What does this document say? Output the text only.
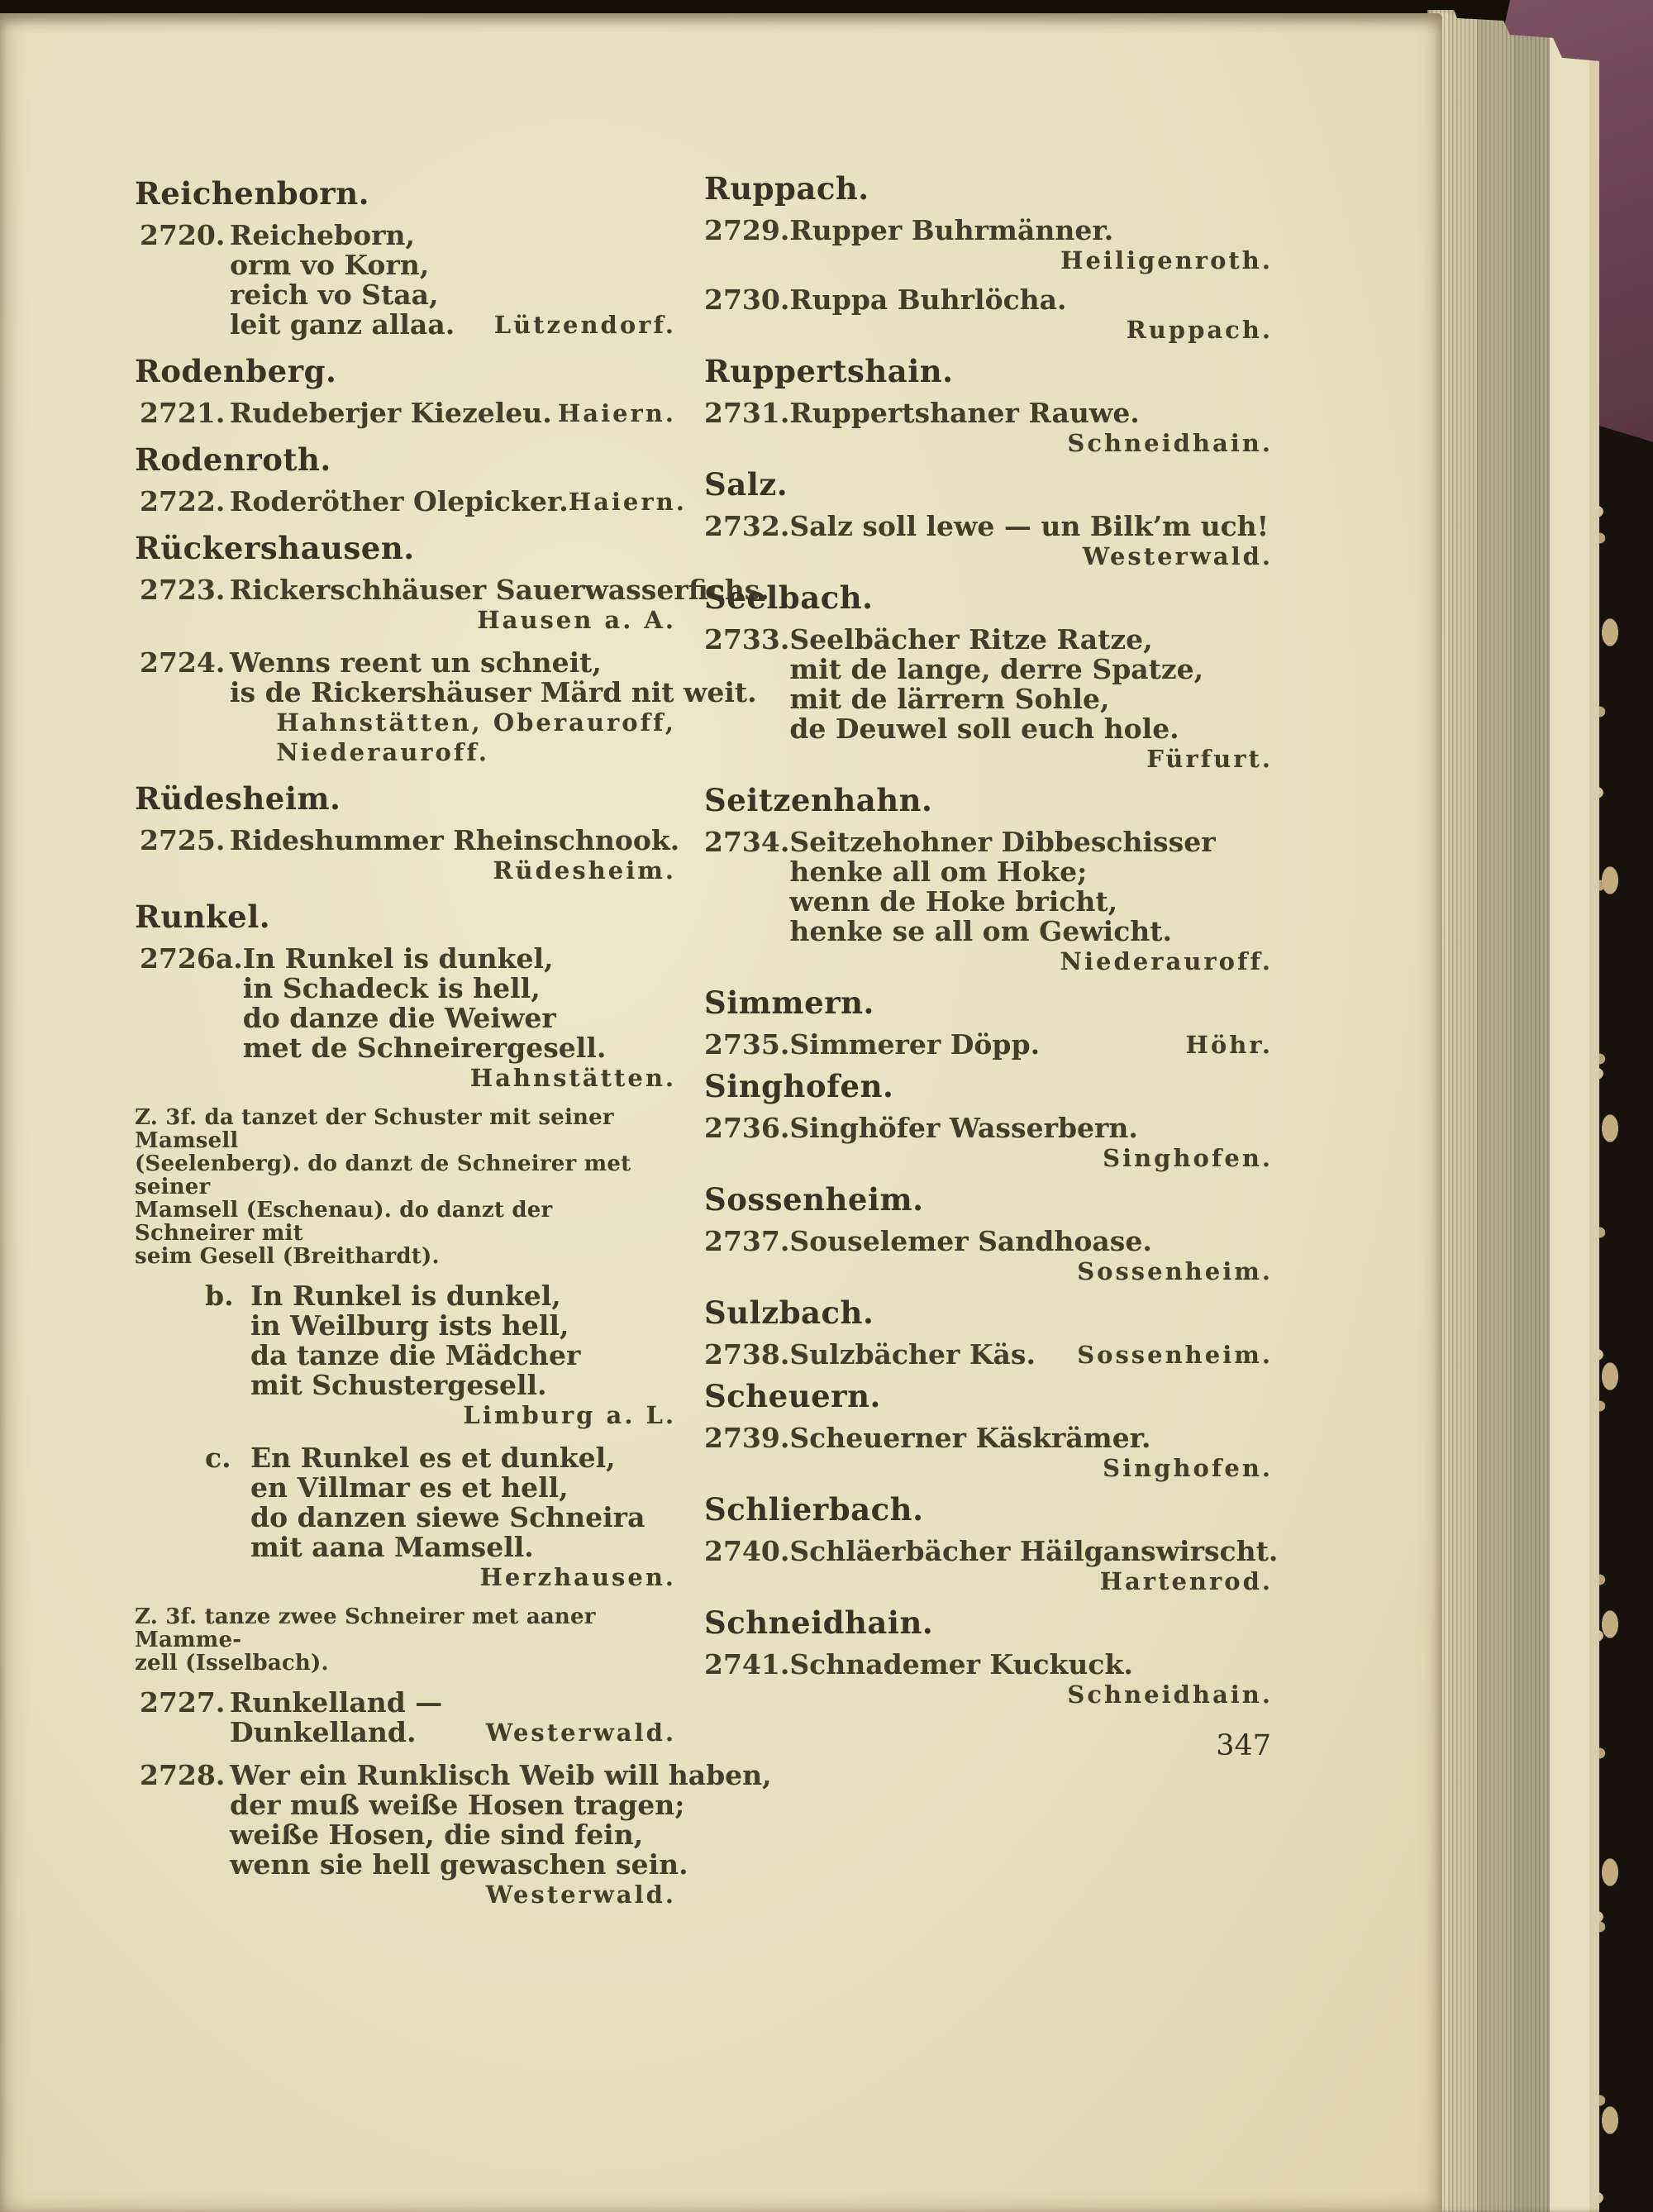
Reichenborn.
2720. Reicheborn,
orm vo Korn,
reich vo Staa,
leit ganz allaa. Lützendorf.
Rodenberg.
2721. Rudeberjer Kiezeleu. Haiern.
Rodenroth.
2722. Roderöther Olepicker. Haiern.
Rückershausen.
2723. Rickerschhäuser Sauerwasserfichs.
Hausen a. A.
2724. Wenns reent un schneit,
is de Rickershäuser Märd nit weit.
Hahnstätten, Oberauroff,
Niederauroff.
Rüdesheim.
2725. Rideshummer Rheinschnook.
Rüdesheim.
Runkel.
2726a. In Runkel is dunkel,
in Schadeck is hell,
do danze die Weiwer
met de Schneirergesell.
Hahnstätten.
Z. 3f. da tanzet der Schuster mit seiner Mamsell
(Seelenberg). do danzt de Schneirer met seiner
Mamsell (Eschenau). do danzt der Schneirer mit
seim Gesell (Breithardt).
b. In Runkel is dunkel,
in Weilburg ists hell,
da tanze die Mädcher
mit Schustergesell.
Limburg a. L.
c. En Runkel es et dunkel,
en Villmar es et hell,
do danzen siewe Schneira
mit aana Mamsell.
Herzhausen.
Z. 3f. tanze zwee Schneirer met aaner Mamme-
zell (Isselbach).
2727. Runkelland —
Dunkelland.	Westerwald.
2728. Wer ein Runklisch Weib will haben,
der muß weiße Hosen tragen;
weiße Hosen, die sind fein,
wenn sie hell gewaschen sein.
Westerwald.
Ruppach.
2729. Rupper Buhrmänner.
Heiligenroth.
2730. Ruppa Buhrlöcha.
Ruppach.
Ruppertshain.
2731. Ruppertshaner Rauwe.
Schneidhain.
Salz.
2732. Salz soll lewe — un Bilk’m uch!
Westerwald.
Seelbach.
2733. Seelbächer Ritze Ratze,
mit de lange, derre Spatze,
mit de lärrern Sohle,
de Deuwel soll euch hole.
Fürfurt.
Seitzenhahn.
2734. Seitzehohner Dibbeschisser
henke all om Hoke;
wenn de Hoke bricht,
henke se all om Gewicht.
Niederauroff.
Simmern.
2735. Simmerer Döpp.	Höhr.
Singhofen.
2736. Singhöfer Wasserbern.
Singhofen.
Sossenheim.
2737. Souselemer Sandhoase.
Sossenheim.
Sulzbach.
2738. Sulzbächer Käs. Sossenheim.
Scheuern.
2739. Scheuerner Käskrämer.
Singhofen.
Schlierbach.
2740. Schläerbächer Häilganswirscht.
Hartenrod.
Schneidhain.
2741. Schnademer Kuckuck.
Schneidhain.
347
